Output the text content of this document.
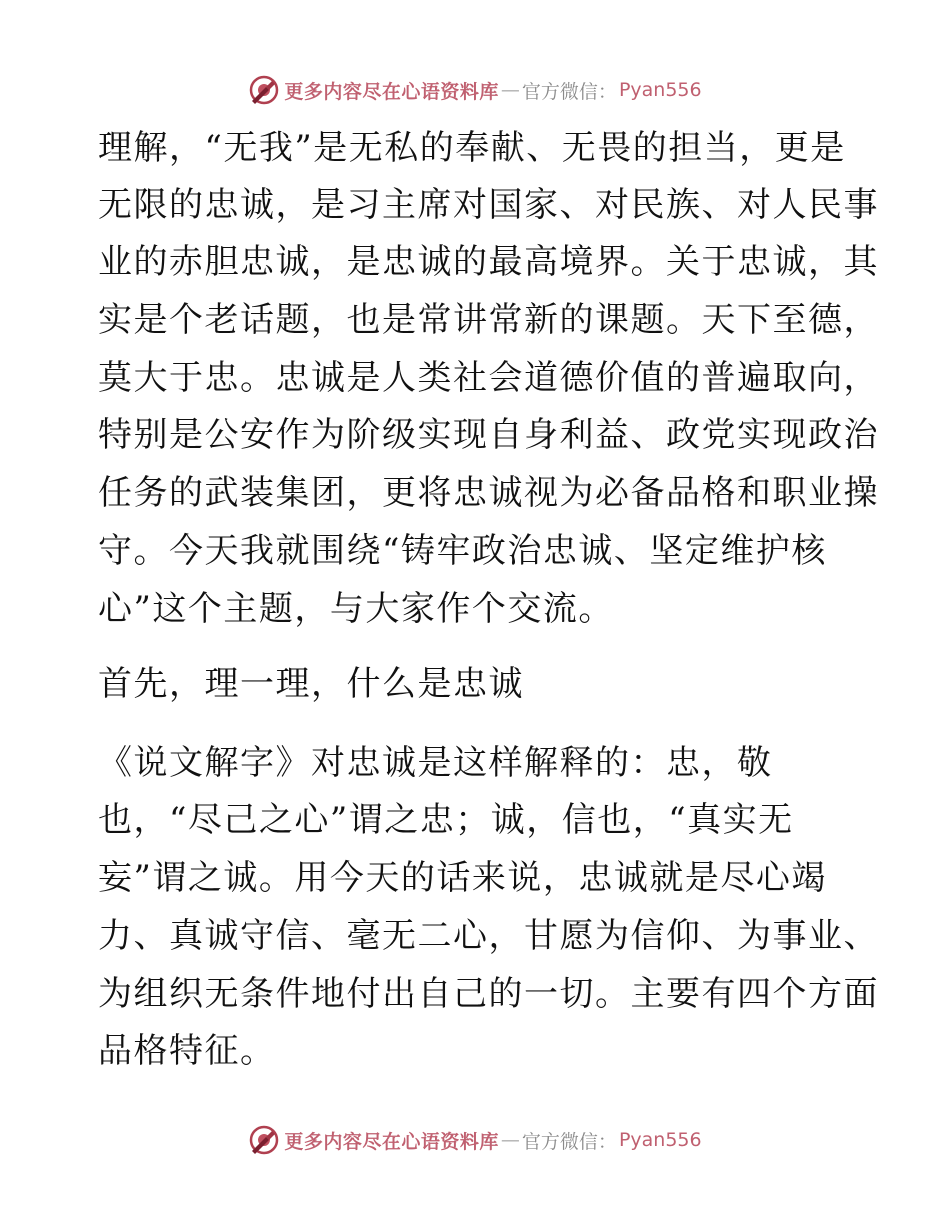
更多内容尽在心语资料库 — 官方微信： Pyan556
理解，“无我”是无私的奉献、无畏的担当，更是
无限的忠诚，是习主席对国家、对民族、对人民事
业的赤胆忠诚，是忠诚的最高境界。关于忠诚，其
实是个老话题，也是常讲常新的课题。天下至德，
莫大于忠。忠诚是人类社会道德价值的普遍取向，
特别是公安作为阶级实现自身利益、政党实现政治
任务的武装集团，更将忠诚视为必备品格和职业操
守。今天我就围绕“铸牢政治忠诚、坚定维护核
心”这个主题，与大家作个交流。
首先，理一理，什么是忠诚
《说文解字》对忠诚是这样解释的：忠，敬
也，“尽己之心”谓之忠；诚，信也，“真实无
妄”谓之诚。用今天的话来说，忠诚就是尽心竭
力、真诚守信、毫无二心，甘愿为信仰、为事业、
为组织无条件地付出自己的一切。主要有四个方面
品格特征。
更多内容尽在心语资料库 — 官方微信： Pyan556
